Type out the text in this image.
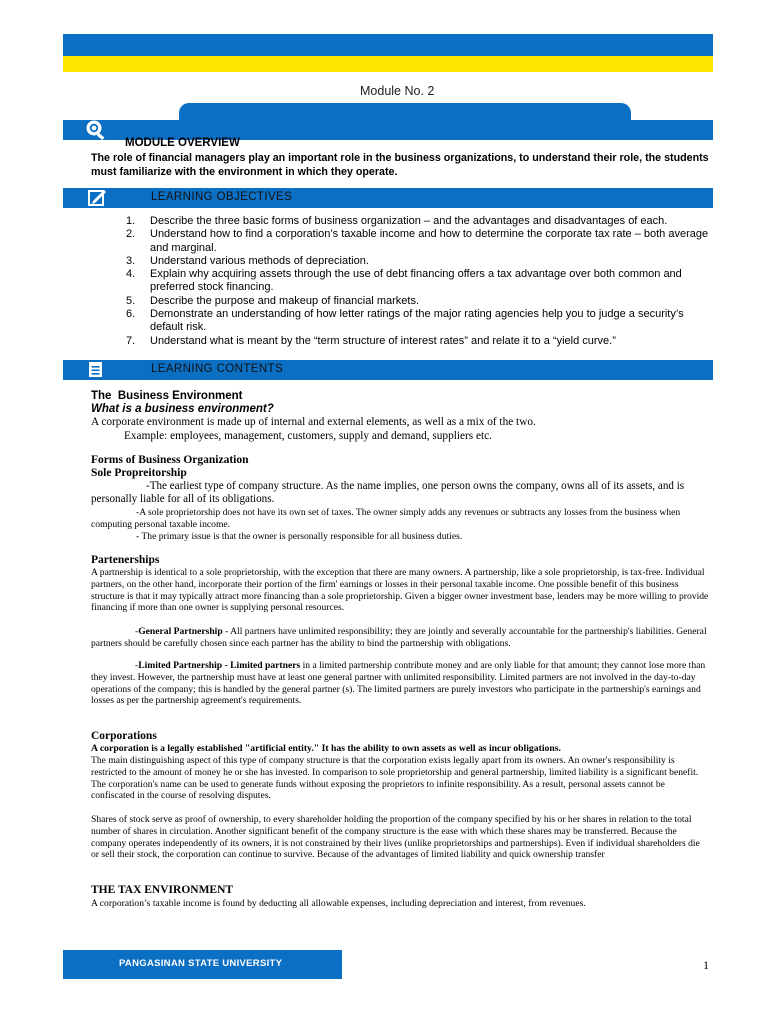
Module No. 2
MODULE OVERVIEW
The role of financial managers play an important role in the business organizations, to understand their role, the students must familiarize with the environment in which they operate.
LEARNING OBJECTIVES
1. Describe the three basic forms of business organization – and the advantages and disadvantages of each.
2. Understand how to find a corporation’s taxable income and how to determine the corporate tax rate – both average and marginal.
3. Understand various methods of depreciation.
4. Explain why acquiring assets through the use of debt financing offers a tax advantage over both common and preferred stock financing.
5. Describe the purpose and makeup of financial markets.
6. Demonstrate an understanding of how letter ratings of the major rating agencies help you to judge a security’s default risk.
7. Understand what is meant by the “term structure of interest rates” and relate it to a “yield curve.”
LEARNING CONTENTS
The  Business Environment
What is a business environment?
A corporate environment is made up of internal and external elements, as well as a mix of the two.
Example: employees, management, customers, supply and demand, suppliers etc.
Forms of Business Organization
Sole Propreitorship
-The earliest type of company structure. As the name implies, one person owns the company, owns all of its assets, and is personally liable for all of its obligations.
-A sole proprietorship does not have its own set of taxes. The owner simply adds any revenues or subtracts any losses from the business when computing personal taxable income.
- The primary issue is that the owner is personally responsible for all business duties.
Partenerships
A partnership is identical to a sole proprietorship, with the exception that there are many owners. A partnership, like a sole proprietorship, is tax-free. Individual partners, on the other hand, incorporate their portion of the firm' earnings or losses in their personal taxable income. One possible benefit of this business structure is that it may typically attract more financing than a sole proprietorship. Given a bigger owner investment base, lenders may be more willing to provide financing if more than one owner is supplying personal resources.
-General Partnership - All partners have unlimited responsibility; they are jointly and severally accountable for the partnership's liabilities. General partners should be carefully chosen since each partner has the ability to bind the partnership with obligations.
-Limited Partnership - Limited partners in a limited partnership contribute money and are only liable for that amount; they cannot lose more than they invest. However, the partnership must have at least one general partner with unlimited responsibility. Limited partners are not involved in the day-to-day operations of the company; this is handled by the general partner (s). The limited partners are purely investors who participate in the partnership's earnings and losses as per the partnership agreement's requirements.
Corporations
A corporation is a legally established "artificial entity." It has the ability to own assets as well as incur obligations.
The main distinguishing aspect of this type of company structure is that the corporation exists legally apart from its owners. An owner's responsibility is restricted to the amount of money he or she has invested. In comparison to sole proprietorship and general partnership, limited liability is a significant benefit. The corporation's name can be used to generate funds without exposing the proprietors to infinite responsibility. As a result, personal assets cannot be confiscated in the course of resolving disputes.
Shares of stock serve as proof of ownership, to every shareholder holding the proportion of the company specified by his or her shares in relation to the total number of shares in circulation. Another significant benefit of the company structure is the ease with which these shares may be transferred. Because the company operates independently of its owners, it is not constrained by their lives (unlike proprietorships and partnerships). Even if individual shareholders die or sell their stock, the corporation can continue to survive. Because of the advantages of limited liability and quick ownership transfer
THE TAX ENVIRONMENT
A corporation’s taxable income is found by deducting all allowable expenses, including depreciation and interest, from revenues.
PANGASINAN STATE UNIVERSITY	1
